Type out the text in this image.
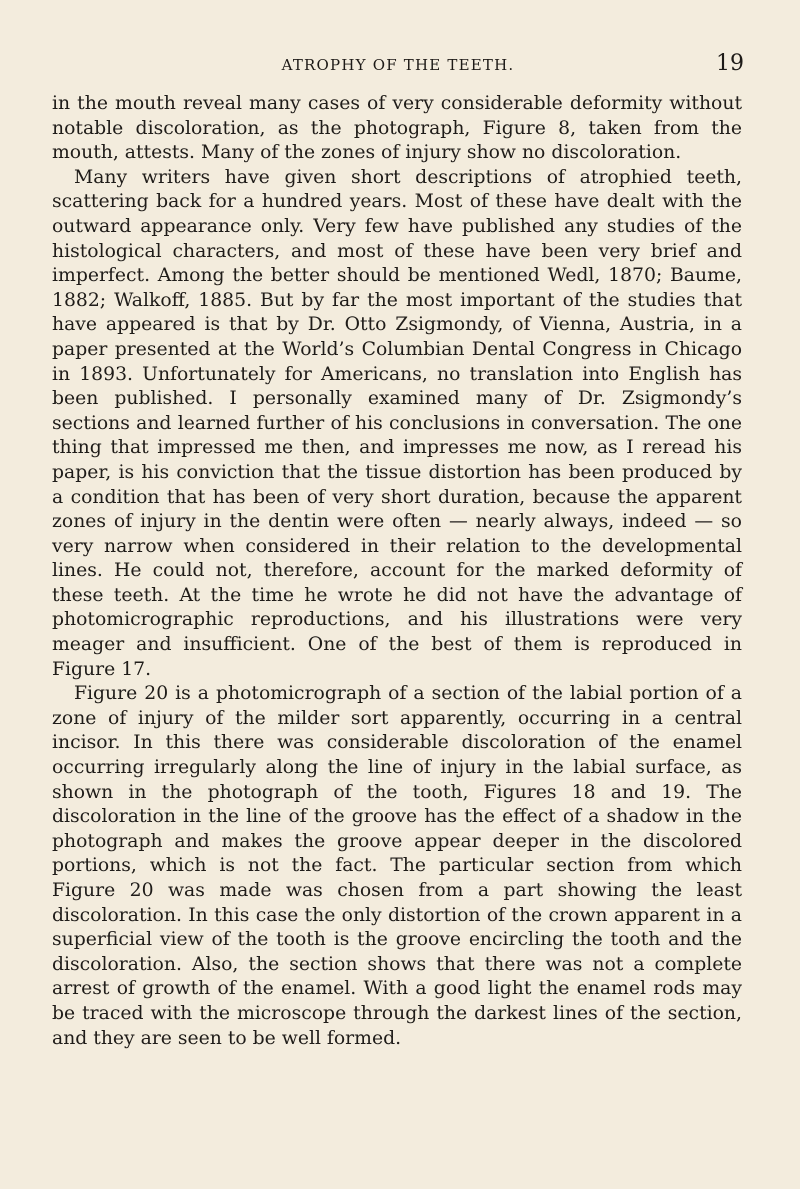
ATROPHY OF THE TEETH.	19

in the mouth reveal many cases of very considerable deformity without notable discoloration, as the photograph, Figure 8, taken from the mouth, attests. Many of the zones of injury show no discoloration.

Many writers have given short descriptions of atrophied teeth, scattering back for a hundred years. Most of these have dealt with the outward appearance only. Very few have published any studies of the histological characters, and most of these have been very brief and imperfect. Among the better should be mentioned Wedl, 1870; Baume, 1882; Walkoff, 1885. But by far the most important of the studies that have appeared is that by Dr. Otto Zsigmondy, of Vienna, Austria, in a paper presented at the World’s Columbian Dental Congress in Chicago in 1893. Unfortunately for Americans, no translation into English has been published. I personally examined many of Dr. Zsigmondy’s sections and learned further of his conclusions in conversation. The one thing that impressed me then, and impresses me now, as I reread his paper, is his conviction that the tissue distortion has been produced by a condition that has been of very short duration, because the apparent zones of injury in the dentin were often — nearly always, indeed — so very narrow when considered in their relation to the developmental lines. He could not, therefore, account for the marked deformity of these teeth. At the time he wrote he did not have the advantage of photomicrographic reproductions, and his illustrations were very meager and insufficient. One of the best of them is reproduced in Figure 17.

Figure 20 is a photomicrograph of a section of the labial portion of a zone of injury of the milder sort apparently, occurring in a central incisor. In this there was considerable discoloration of the enamel occurring irregularly along the line of injury in the labial surface, as shown in the photograph of the tooth, Figures 18 and 19. The discoloration in the line of the groove has the effect of a shadow in the photograph and makes the groove appear deeper in the discolored portions, which is not the fact. The particular section from which Figure 20 was made was chosen from a part showing the least discoloration. In this case the only distortion of the crown apparent in a superficial view of the tooth is the groove encircling the tooth and the discoloration. Also, the section shows that there was not a complete arrest of growth of the enamel. With a good light the enamel rods may be traced with the microscope through the darkest lines of the section, and they are seen to be well formed.
